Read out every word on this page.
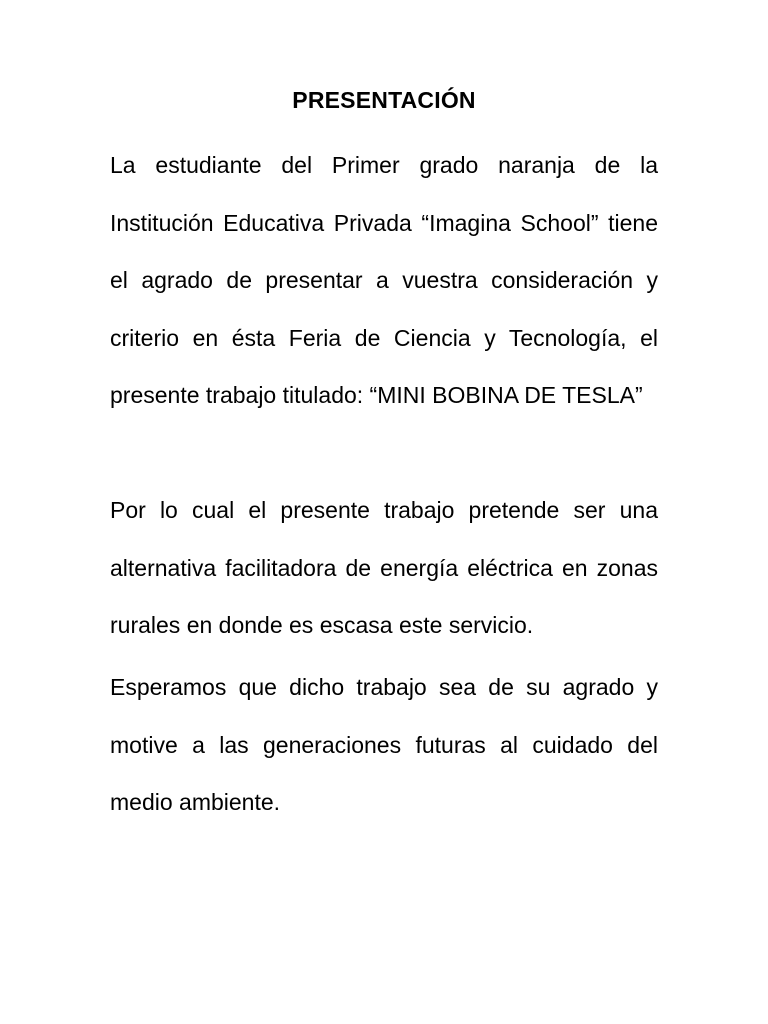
PRESENTACIÓN

La estudiante del Primer grado naranja de la Institución Educativa Privada “Imagina School” tiene el agrado de presentar a vuestra consideración y criterio en ésta Feria de Ciencia y Tecnología, el presente trabajo titulado: “MINI BOBINA DE TESLA”

Por lo cual el presente trabajo pretende ser una alternativa facilitadora de energía eléctrica en zonas rurales en donde es escasa este servicio.

Esperamos que dicho trabajo sea de su agrado y motive a las generaciones futuras al cuidado del medio ambiente.
